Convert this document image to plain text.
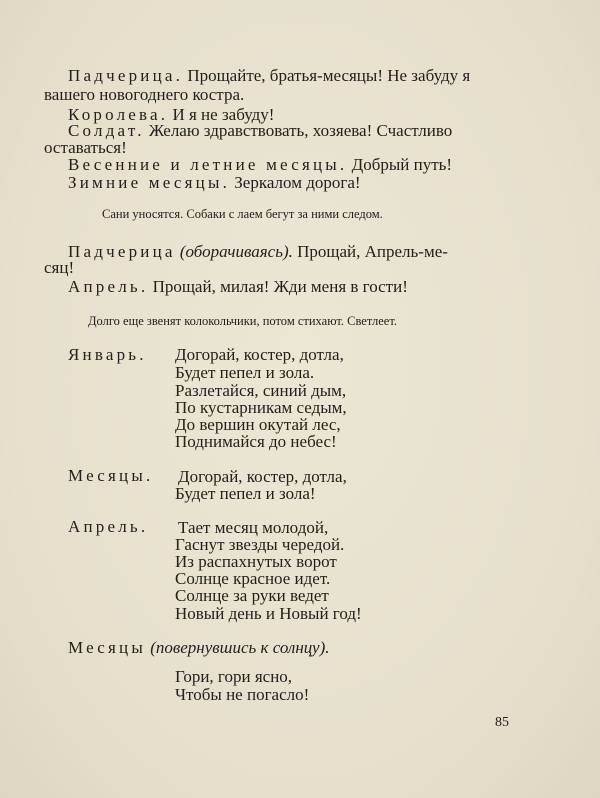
Падчерица. Прощайте, братья-месяцы! Не забуду я
вашего новогоднего костра.
Королева. И я не забуду!
Солдат. Желаю здравствовать, хозяева! Счастливо
оставаться!
Весенние и летние месяцы. Добрый путь!
Зимние месяцы. Зеркалом дорога!
Сани уносятся. Собаки с лаем бегут за ними следом.
Падчерица (оборачиваясь). Прощай, Апрель-ме-
сяц!
Апрель. Прощай, милая! Жди меня в гости!
Долго еще звенят колокольчики, потом стихают. Светлеет.
Январь. Догорай, костер, дотла,
Будет пепел и зола.
Разлетайся, синий дым,
По кустарникам седым,
До вершин окутай лес,
Поднимайся до небес!
Месяцы. Догорай, костер, дотла,
Будет пепел и зола!
Апрель. Тает месяц молодой,
Гаснут звезды чередой.
Из распахнутых ворот
Солнце красное идет.
Солнце за руки ведет
Новый день и Новый год!
Месяцы (повернувшись к солнцу).
Гори, гори ясно,
Чтобы не погасло!
85
